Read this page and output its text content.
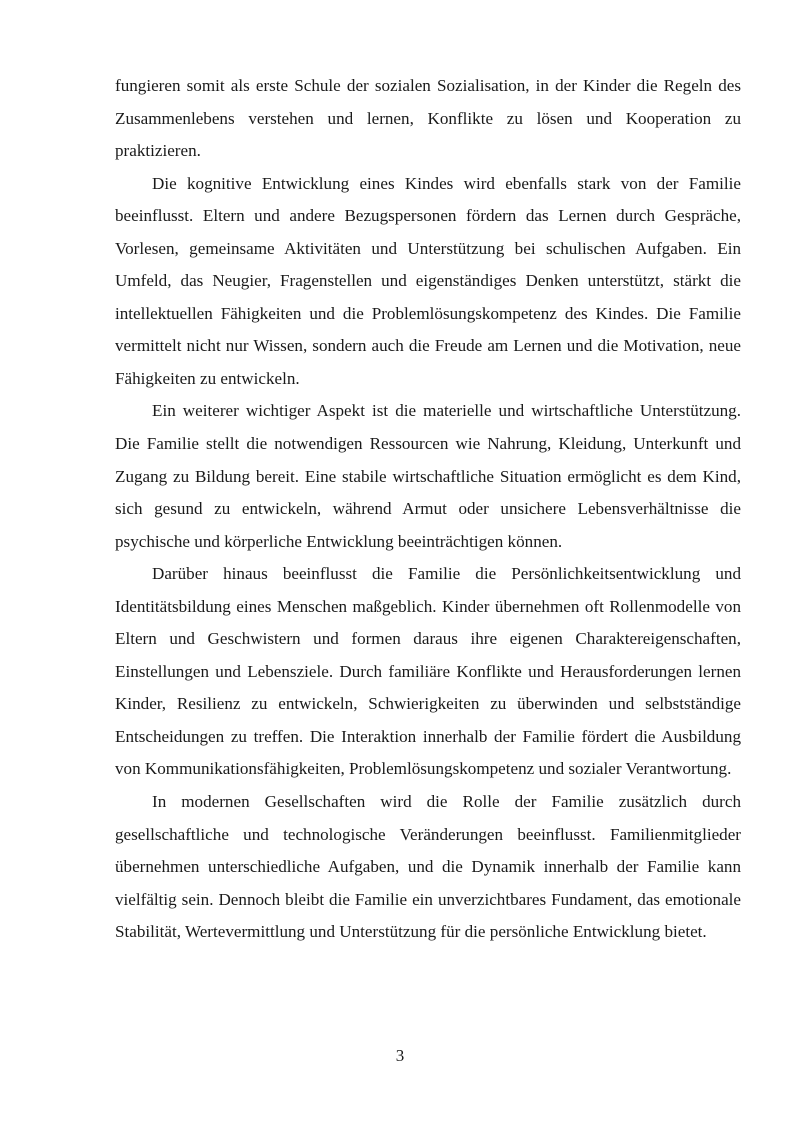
fungieren somit als erste Schule der sozialen Sozialisation, in der Kinder die Regeln des Zusammenlebens verstehen und lernen, Konflikte zu lösen und Kooperation zu praktizieren.

Die kognitive Entwicklung eines Kindes wird ebenfalls stark von der Familie beeinflusst. Eltern und andere Bezugspersonen fördern das Lernen durch Gespräche, Vorlesen, gemeinsame Aktivitäten und Unterstützung bei schulischen Aufgaben. Ein Umfeld, das Neugier, Fragenstellen und eigenständiges Denken unterstützt, stärkt die intellektuellen Fähigkeiten und die Problemlösungskompetenz des Kindes. Die Familie vermittelt nicht nur Wissen, sondern auch die Freude am Lernen und die Motivation, neue Fähigkeiten zu entwickeln.

Ein weiterer wichtiger Aspekt ist die materielle und wirtschaftliche Unterstützung. Die Familie stellt die notwendigen Ressourcen wie Nahrung, Kleidung, Unterkunft und Zugang zu Bildung bereit. Eine stabile wirtschaftliche Situation ermöglicht es dem Kind, sich gesund zu entwickeln, während Armut oder unsichere Lebensverhältnisse die psychische und körperliche Entwicklung beeinträchtigen können.

Darüber hinaus beeinflusst die Familie die Persönlichkeitsentwicklung und Identitätsbildung eines Menschen maßgeblich. Kinder übernehmen oft Rollenmodelle von Eltern und Geschwistern und formen daraus ihre eigenen Charaktereigenschaften, Einstellungen und Lebensziele. Durch familiäre Konflikte und Herausforderungen lernen Kinder, Resilienz zu entwickeln, Schwierigkeiten zu überwinden und selbstständige Entscheidungen zu treffen. Die Interaktion innerhalb der Familie fördert die Ausbildung von Kommunikationsfähigkeiten, Problemlösungskompetenz und sozialer Verantwortung.

In modernen Gesellschaften wird die Rolle der Familie zusätzlich durch gesellschaftliche und technologische Veränderungen beeinflusst. Familienmitglieder übernehmen unterschiedliche Aufgaben, und die Dynamik innerhalb der Familie kann vielfältig sein. Dennoch bleibt die Familie ein unverzichtbares Fundament, das emotionale Stabilität, Wertevermittlung und Unterstützung für die persönliche Entwicklung bietet.

3
